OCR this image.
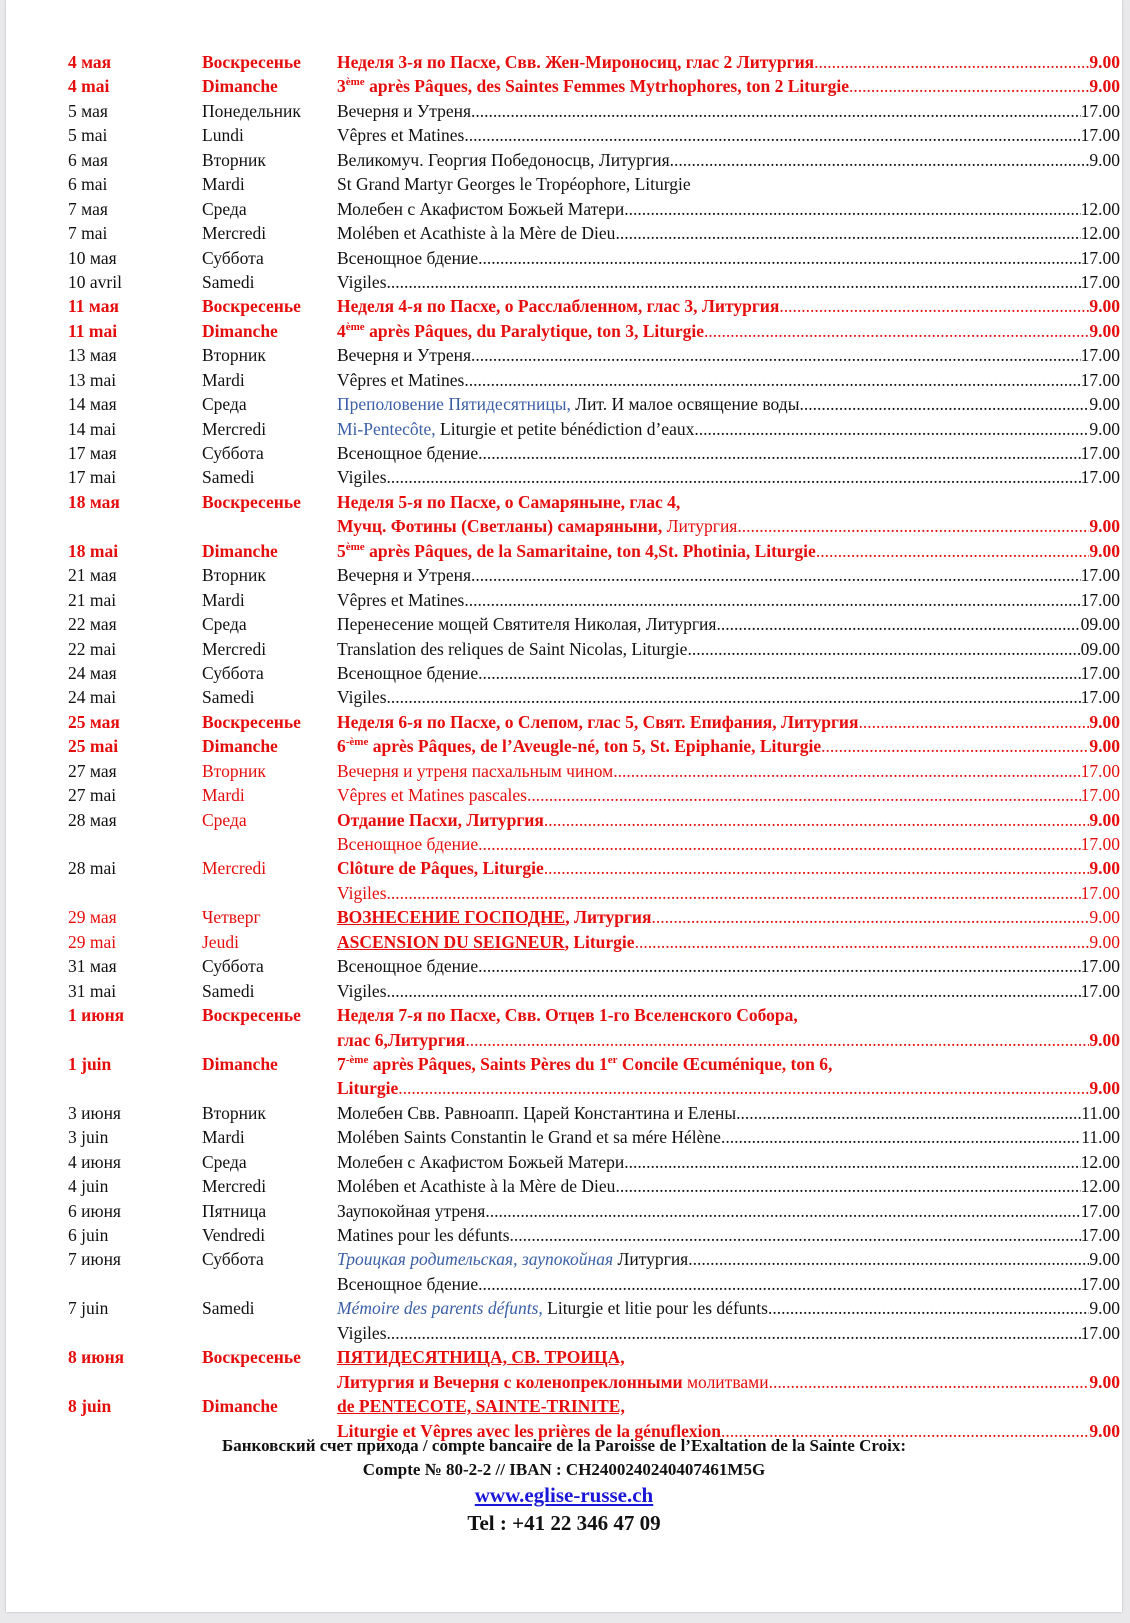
4 мая	Воскресенье Неделя 3-я по Пасхе, Свв. Жен-Мироносиц, глас 2 Литургия .....	9.00
4 mai	Dimanche	3ème après Pâques, des Saintes Femmes Mytrhophores, ton 2 Liturgie .....	9.00
5 мая	Понедельник Вечерня и Утреня .....	17.00
5 mai	Lundi	Vêpres et Matines .....	17.00
6 мая	Вторник	Великомуч. Георгия Победоносцв, Литургия .....	9.00
6 mai	Mardi	St Grand Martyr Georges le Tropéophore, Liturgie
7 мая	Среда	Молебен с Акафистом Божьей Матери .....	12.00
7 mai	Mercredi	Molében et Acathiste à la Mère de Dieu .....	12.00
10 мая	Суббота	Всенощное бдение .....	17.00
10 avril	Samedi	Vigiles .....	17.00
11 мая	Воскресенье Неделя 4-я по Пасхе, о Расслабленном, глас 3, Литургия .....	9.00
11 mai	Dimanche	4ème après Pâques, du Paralytique, ton 3, Liturgie .....	9.00
13 мая	Вторник	Вечерня и Утреня .....	17.00
13 mai	Mardi	Vêpres et Matines .....	17.00
14 мая	Среда	Преполовение Пятидесятницы, Лит. И малое освящение воды .....	9.00
14 mai	Mercredi	Mi-Pentecôte, Liturgie et petite bénédiction d’eaux .....	9.00
17 мая	Суббота	Всенощное бдение .....	17.00
17 mai	Samedi	Vigiles .....	17.00
18 мая	Воскресенье Неделя 5-я по Пасхе, о Самаряныне, глас 4,
Мучц. Фотины (Светланы) самаряныни, Литургия .....	9.00
18 mai	Dimanche	5ème après Pâques, de la Samaritaine, ton 4,St. Photinia, Liturgie .....	9.00
21 мая	Вторник	Вечерня и Утреня .....	17.00
21 mai	Mardi	Vêpres et Matines .....	17.00
22 мая	Среда	Перенесение мощей Святителя Николая, Литургия .....	09.00
22 mai	Mercredi	Translation des reliques de Saint Nicolas, Liturgie .....	09.00
24 мая	Суббота	Всенощное бдение .....	17.00
24 mai	Samedi	Vigiles .....	17.00
25 мая	Воскресенье Неделя 6-я по Пасхе, о Слепом, глас 5, Свят. Епифания, Литургия .....	9.00
25 mai	Dimanche	$6^{-ème}$ après Pâques, de l’Aveugle-né, ton 5, St. Epiphanie, Liturgie .....	9.00
27 мая	Вторник	Вечерня и утреня пасхальным чином .....	17.00
27 mai	Mardi	Vêpres et Matines pascales .....	17.00
28 мая	Среда	Отдание Пасхи, Литургия .....	9.00
Всенощное бдение .....	17.00
28 mai	Mercredi	Clôture de Pâques, Liturgie .....	9.00
Vigiles .....	17.00
29 мая	Четверг	ВОЗНЕСЕНИЕ ГОСПОДНЕ, Литургия .....	9.00
29 mai	Jeudi	ASCENSION DU SEIGNEUR, Liturgie .....	9.00
31 мая	Суббота	Всенощное бдение .....	17.00
31 mai	Samedi	Vigiles .....	17.00
1 июня	Воскресенье Неделя 7-я по Пасхе, Свв. Отцев 1-го Вселенского Собора,
глас 6,Литургия .....	9.00
1 juin	Dimanche	$7^{-ème}$ après Pâques, Saints Pères du 1er Concile Œcuménique, ton 6,
Liturgie .....	9.00
3 июня	Вторник	Молебен Свв. Равноапп. Царей Константина и Елены .....	11.00
3 juin	Mardi	Molében Saints Constantin le Grand et sa mére Hélène .....	11.00
4 июня	Среда	Молебен с Акафистом Божьей Матери .....	12.00
4 juin	Mercredi	Molében et Acathiste à la Mère de Dieu .....	12.00
6 июня	Пятница	Заупокойная утреня .....	17.00
6 juin	Vendredi	Matines pour les défunts .....	17.00
7 июня	Суббота	Троицкая родительская, заупокойная Литургия .....	9.00
Всенощное бдение .....	17.00
7 juin	Samedi	Mémoire des parents défunts, Liturgie et litie pour les défunts .....	9.00
Vigiles .....	17.00
8 июня	Воскресенье ПЯТИДЕСЯТНИЦА, СВ. ТРОИЦА,
Литургия и Вечерня с коленопреклонными молитвами .....	9.00
8 juin	Dimanche	de PENTECOTE, SAINTE-TRINITE,
Liturgie et Vêpres avec les prières de la génuflexion .....	9.00
Банковский счет прихода / compte bancaire de la Paroisse de l’Exaltation de la Sainte Croix:
Compte № 80-2-2 // IBAN : CH2400240240407461M5G
www.eglise-russe.ch
Tel : +41 22 346 47 09
